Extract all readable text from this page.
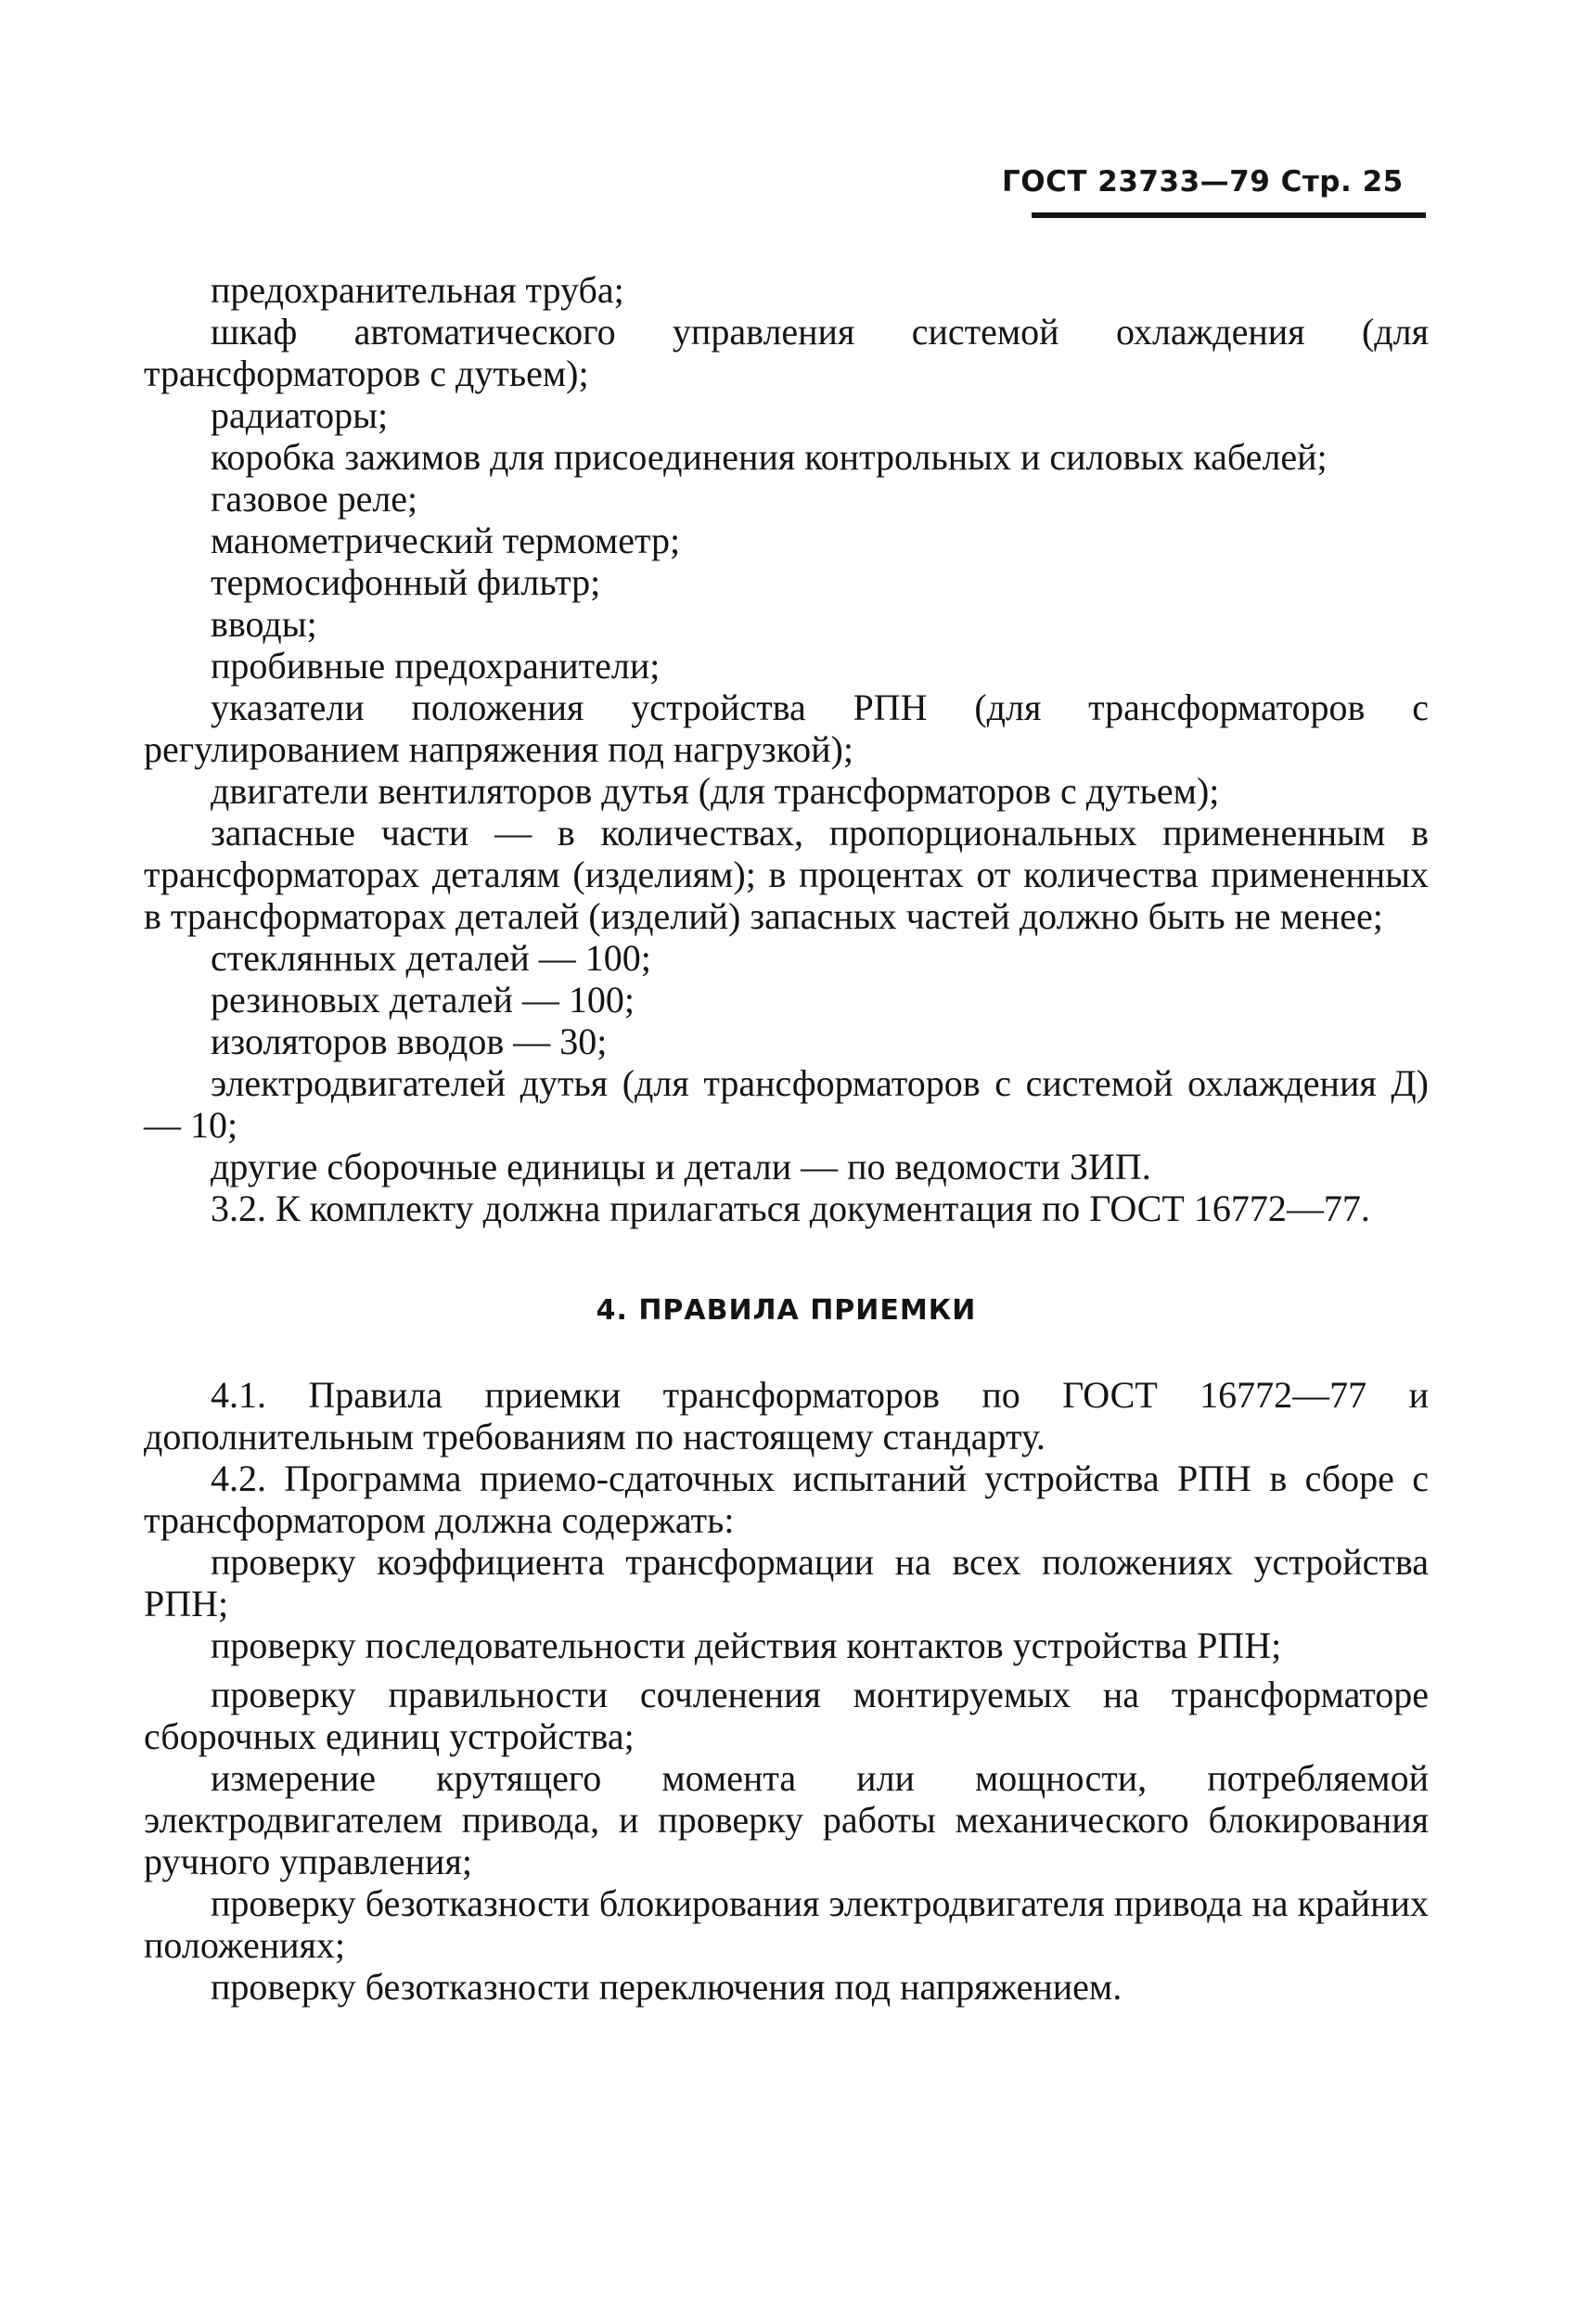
ГОСТ 23733—79 Стр. 25

предохранительная труба;

шкаф автоматического управления системой охлаждения (для трансформаторов с дутьем);

радиаторы;

коробка зажимов для присоединения контрольных и силовых кабелей;

газовое реле;

манометрический термометр;

термосифонный фильтр;

вводы;

пробивные предохранители;

указатели положения устройства РПН (для трансформаторов с регулированием напряжения под нагрузкой);

двигатели вентиляторов дутья (для трансформаторов с дутьем);

запасные части — в количествах, пропорциональных примененным в трансформаторах деталям (изделиям); в процентах от количества примененных в трансформаторах деталей (изделий) запасных частей должно быть не менее;

стеклянных деталей — 100;

резиновых деталей — 100;

изоляторов вводов — 30;

электродвигателей дутья (для трансформаторов с системой охлаждения Д) — 10;

другие сборочные единицы и детали — по ведомости ЗИП.

3.2. К комплекту должна прилагаться документация по ГОСТ 16772—77.

4. ПРАВИЛА ПРИЕМКИ

4.1. Правила приемки трансформаторов по ГОСТ 16772—77 и дополнительным требованиям по настоящему стандарту.

4.2. Программа приемо-сдаточных испытаний устройства РПН в сборе с трансформатором должна содержать:

проверку коэффициента трансформации на всех положениях устройства РПН;

проверку последовательности действия контактов устройства РПН;

проверку правильности сочленения монтируемых на трансформаторе сборочных единиц устройства;

измерение крутящего момента или мощности, потребляемой электродвигателем привода, и проверку работы механического блокирования ручного управления;

проверку безотказности блокирования электродвигателя привода на крайних положениях;

проверку безотказности переключения под напряжением.
